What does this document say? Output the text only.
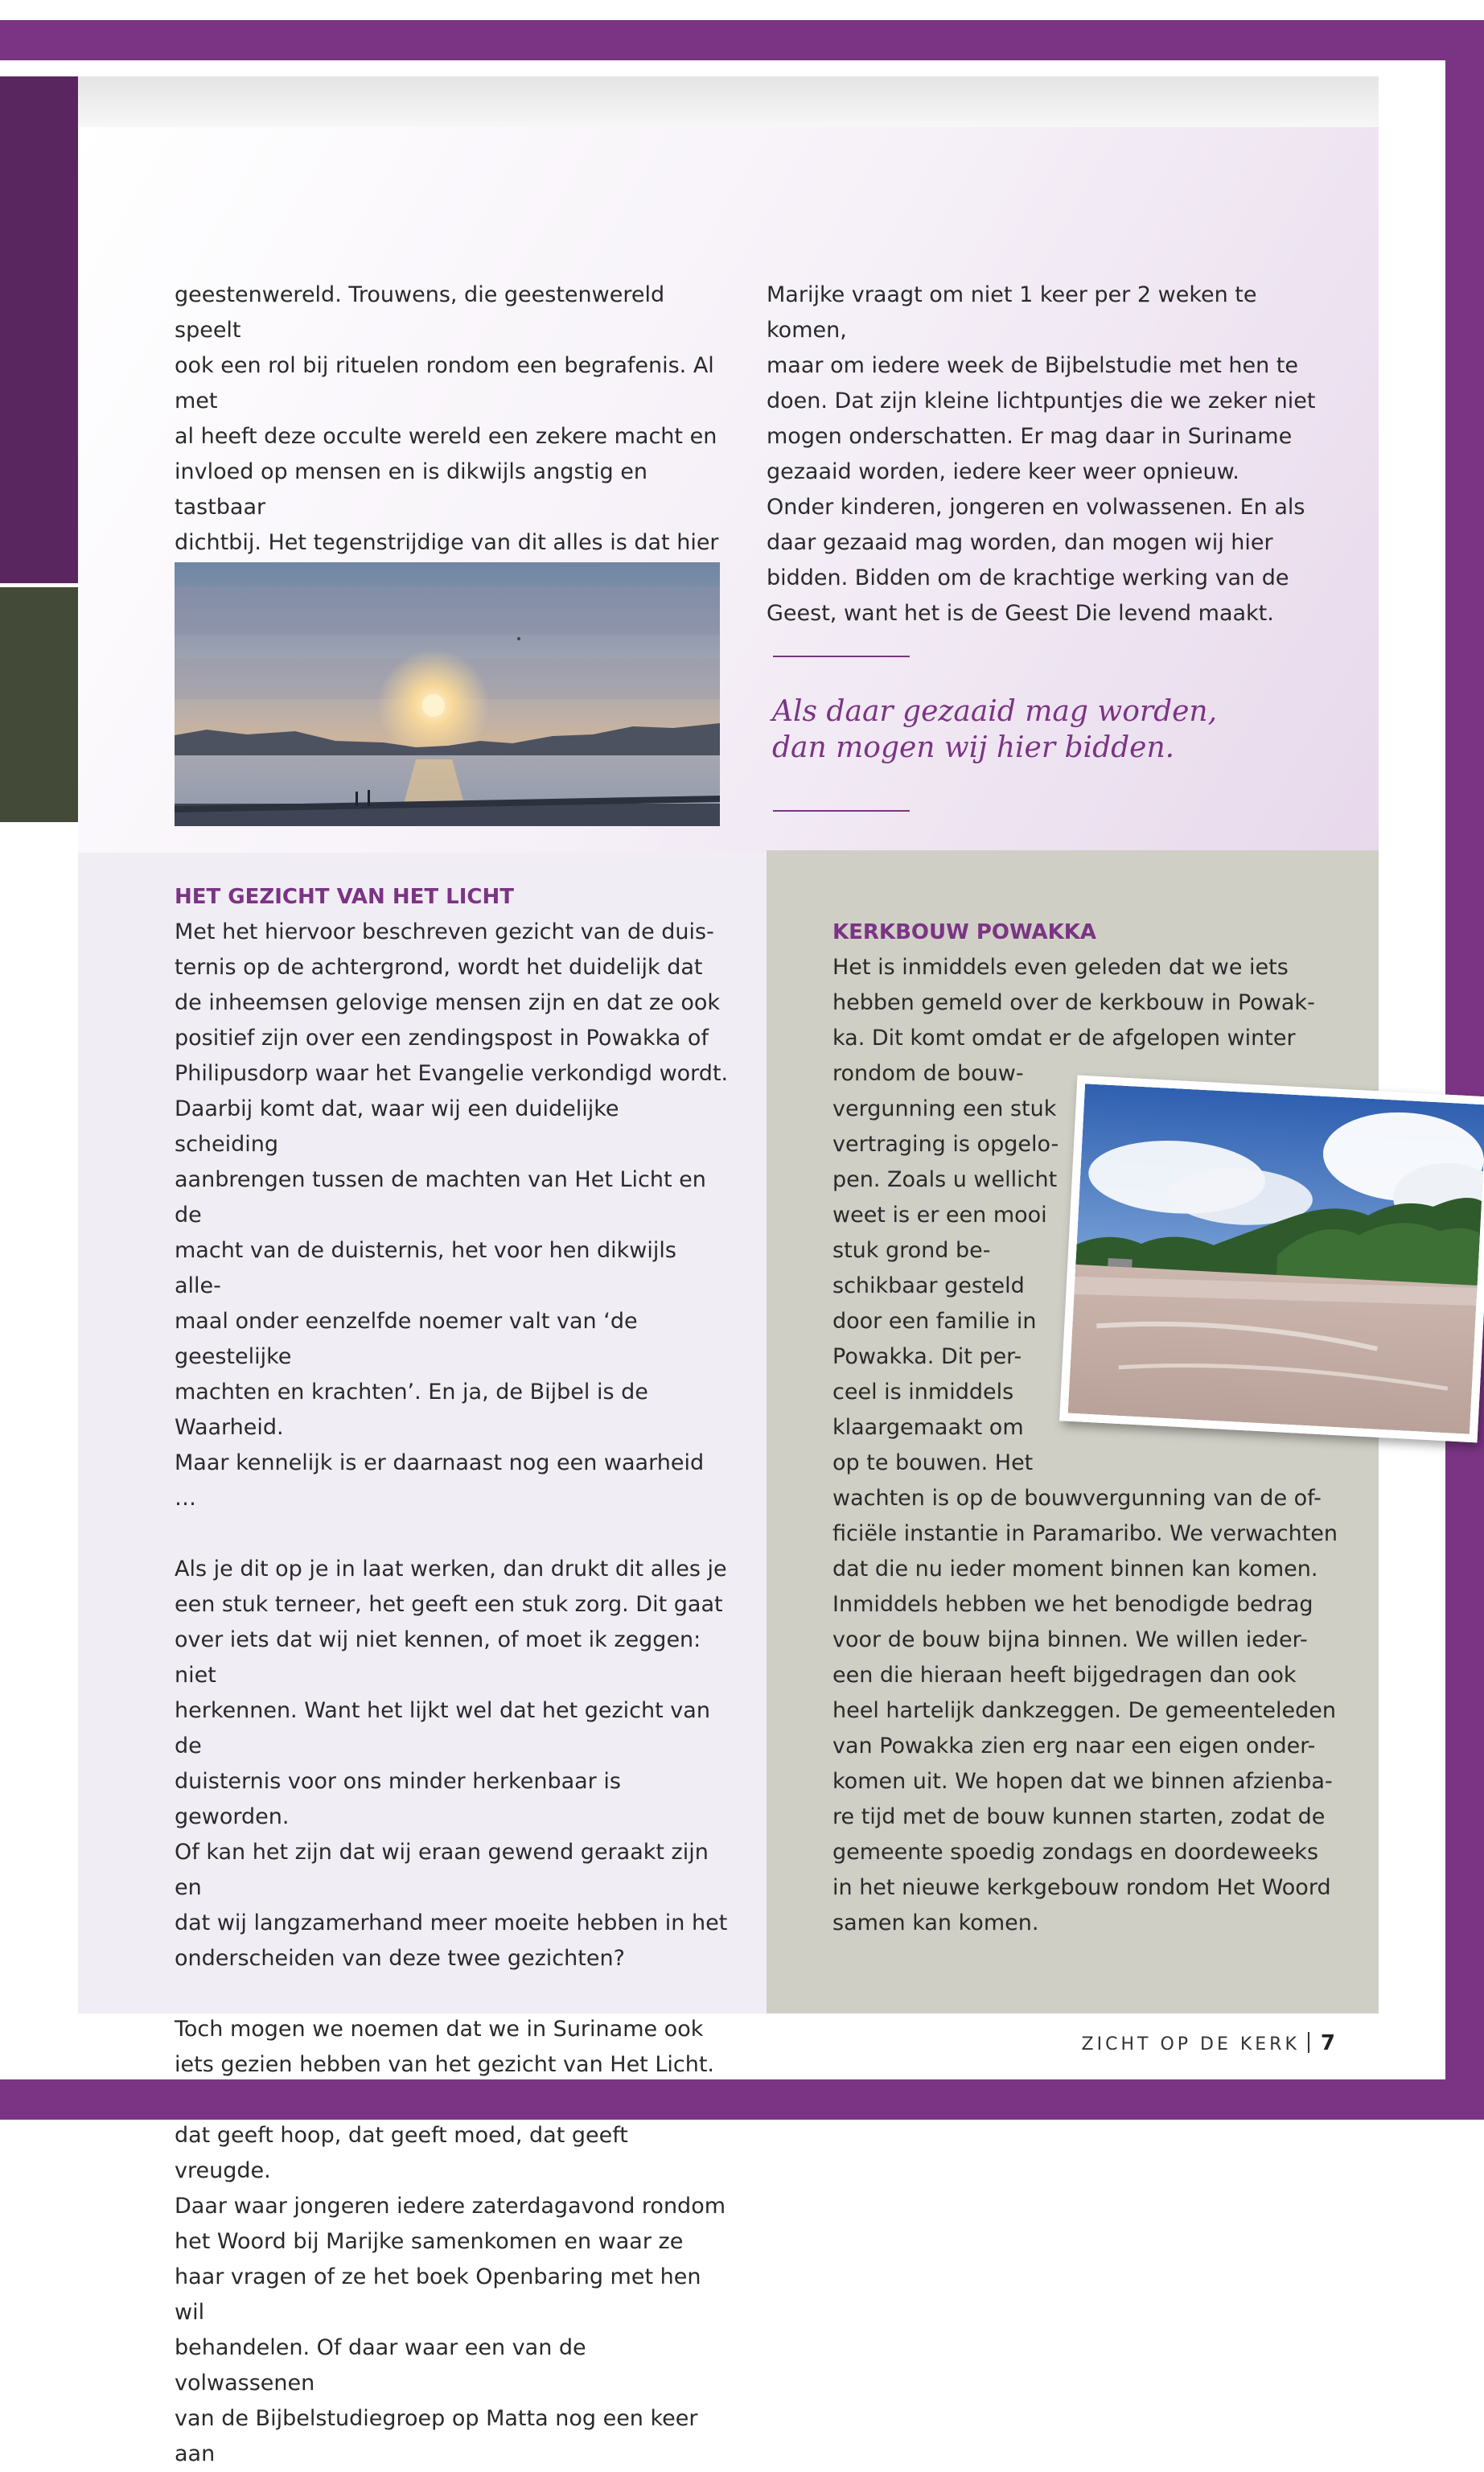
geestenwereld. Trouwens, die geestenwereld speelt
ook een rol bij rituelen rondom een begrafenis. Al met
al heeft deze occulte wereld een zekere macht en
invloed op mensen en is dikwijls angstig en tastbaar
dichtbij. Het tegenstrijdige van dit alles is dat hier
Marijke vraagt om niet 1 keer per 2 weken te komen,
maar om iedere week de Bijbelstudie met hen te
doen. Dat zijn kleine lichtpuntjes die we zeker niet
mogen onderschatten. Er mag daar in Suriname
gezaaid worden, iedere keer weer opnieuw.
Onder kinderen, jongeren en volwassenen. En als
daar gezaaid mag worden, dan mogen wij hier
bidden. Bidden om de krachtige werking van de
Geest, want het is de Geest Die levend maakt.

Als daar gezaaid mag worden,

dan mogen wij hier bidden.

HET GEZICHT VAN HET LICHT
Met het hiervoor beschreven gezicht van de duis-
ternis op de achtergrond, wordt het duidelijk dat
de inheemsen gelovige mensen zijn en dat ze ook
positief zijn over een zendingspost in Powakka of
Philipusdorp waar het Evangelie verkondigd wordt.
Daarbij komt dat, waar wij een duidelijke scheiding
aanbrengen tussen de machten van Het Licht en de
macht van de duisternis, het voor hen dikwijls alle-
maal onder eenzelfde noemer valt van ‘de geestelijke
machten en krachten’. En ja, de Bijbel is de Waarheid.
Maar kennelijk is er daarnaast nog een waarheid …
Als je dit op je in laat werken, dan drukt dit alles je
een stuk terneer, het geeft een stuk zorg. Dit gaat
over iets dat wij niet kennen, of moet ik zeggen: niet
herkennen. Want het lijkt wel dat het gezicht van de
duisternis voor ons minder herkenbaar is geworden.
Of kan het zijn dat wij eraan gewend geraakt zijn en
dat wij langzamerhand meer moeite hebben in het
onderscheiden van deze twee gezichten?
Toch mogen we noemen dat we in Suriname ook
iets gezien hebben van het gezicht van Het Licht.
dat geeft hoop, dat geeft moed, dat geeft vreugde.
Daar waar jongeren iedere zaterdagavond rondom
het Woord bij Marijke samenkomen en waar ze
haar vragen of ze het boek Openbaring met hen wil
behandelen. Of daar waar een van de volwassenen
van de Bijbelstudiegroep op Matta nog een keer aan
KERKBOUW POWAKKA
Het is inmiddels even geleden dat we iets
hebben gemeld over de kerkbouw in Powak-
ka. Dit komt omdat er de afgelopen winter
rondom de bouw-
vergunning een stuk
vertraging is opgelo-
pen. Zoals u wellicht
weet is er een mooi
stuk grond be-
schikbaar gesteld
door een familie in
Powakka. Dit per-
ceel is inmiddels
klaargemaakt om
op te bouwen. Het
wachten is op de bouwvergunning van de of-
ficiële instantie in Paramaribo. We verwachten
dat die nu ieder moment binnen kan komen.
Inmiddels hebben we het benodigde bedrag
voor de bouw bijna binnen. We willen ieder-
een die hieraan heeft bijgedragen dan ook
heel hartelijk dankzeggen. De gemeenteleden
van Powakka zien erg naar een eigen onder-
komen uit. We hopen dat we binnen afzienba-
re tijd met de bouw kunnen starten, zodat de
gemeente spoedig zondags en doordeweeks
in het nieuwe kerkgebouw rondom Het Woord
samen kan komen.
ZICHT OP DE KERK 7
